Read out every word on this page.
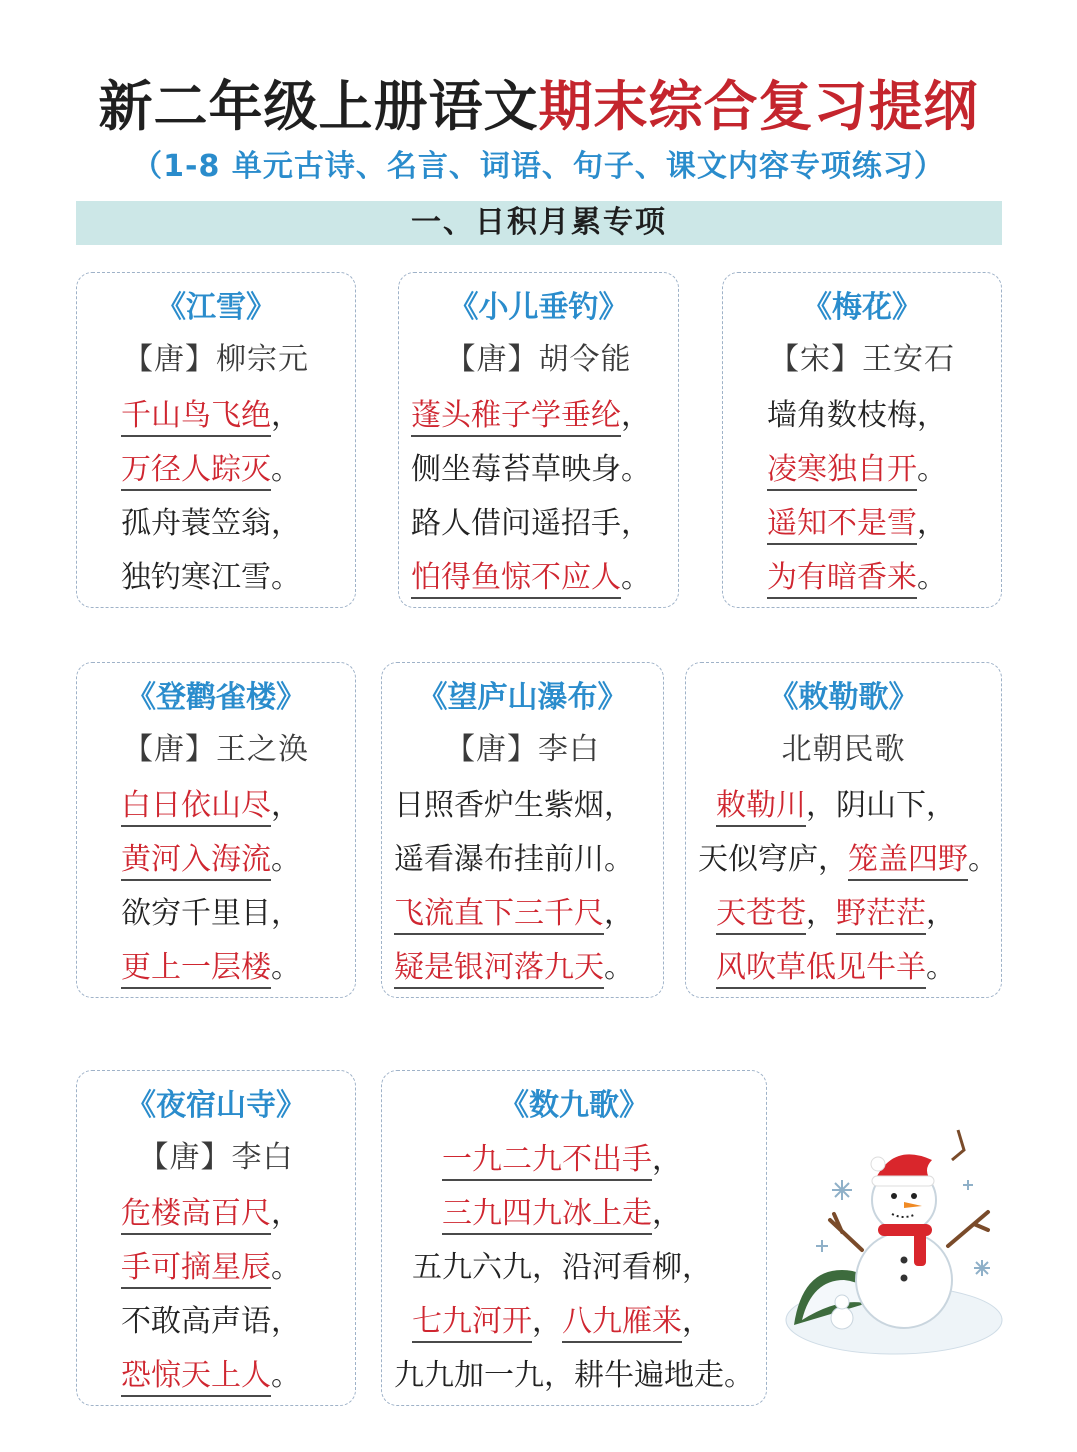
新二年级上册语文期末综合复习提纲
（1-8 单元古诗、名言、词语、句子、课文内容专项练习）
一、日积月累专项
《江雪》
【唐】柳宗元
千山鸟飞绝，
万径人踪灭。
孤舟蓑笠翁，
独钓寒江雪。
《小儿垂钓》
【唐】胡令能
蓬头稚子学垂纶，
侧坐莓苔草映身。
路人借问遥招手，
怕得鱼惊不应人。
《梅花》
【宋】王安石
墙角数枝梅，
凌寒独自开。
遥知不是雪，
为有暗香来。
《登鹳雀楼》
【唐】王之涣
白日依山尽，
黄河入海流。
欲穷千里目，
更上一层楼。
《望庐山瀑布》
【唐】李白
日照香炉生紫烟，
遥看瀑布挂前川。
飞流直下三千尺，
疑是银河落九天。
《敕勒歌》
北朝民歌
敕勒川，阴山下，
天似穹庐，笼盖四野。
天苍苍，野茫茫，
风吹草低见牛羊。
《夜宿山寺》
【唐】李白
危楼高百尺，
手可摘星辰。
不敢高声语，
恐惊天上人。
《数九歌》
一九二九不出手，
三九四九冰上走，
五九六九，沿河看柳，
七九河开，八九雁来，
九九加一九，耕牛遍地走。
